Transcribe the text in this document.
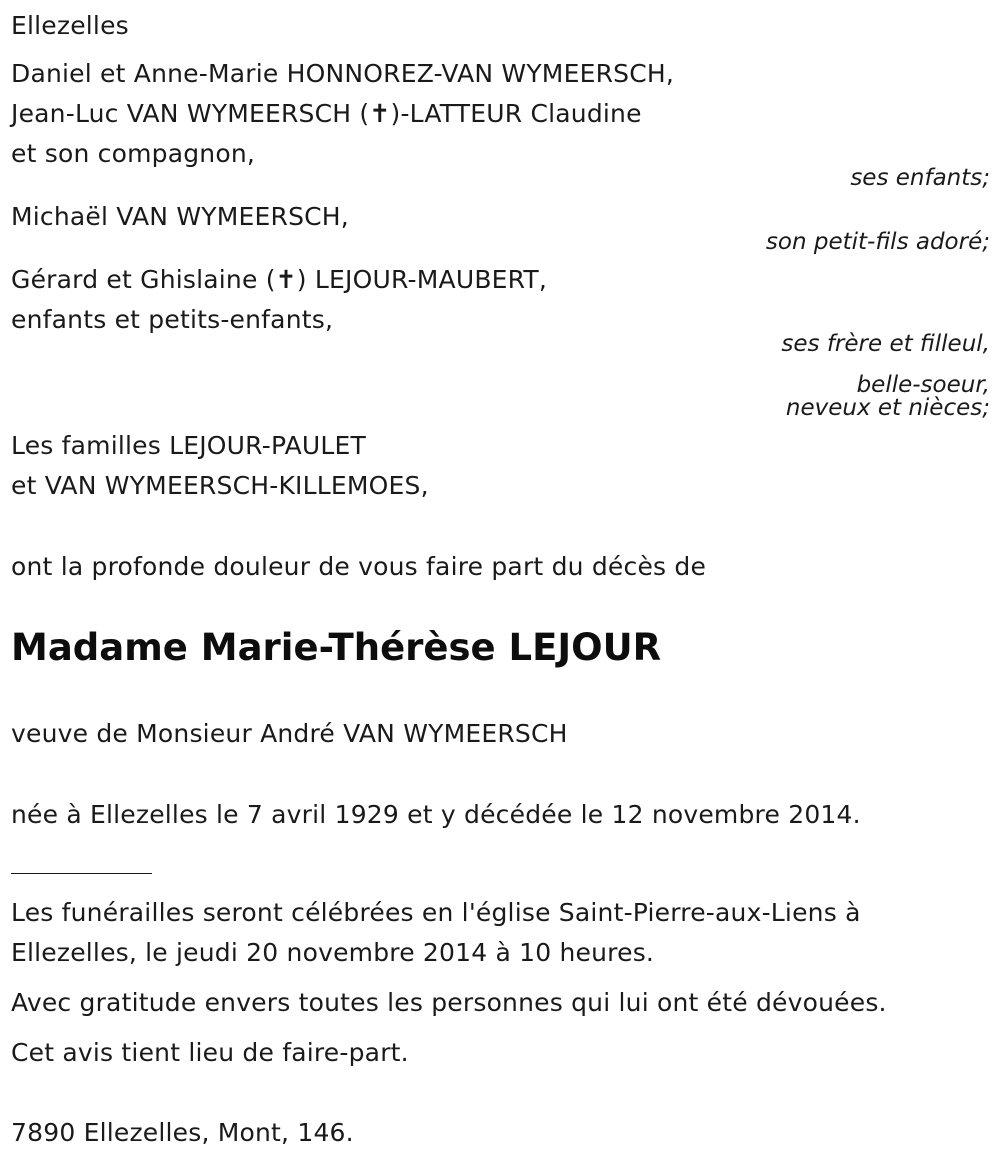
Ellezelles
Daniel et Anne-Marie HONNOREZ-VAN WYMEERSCH,
Jean-Luc VAN WYMEERSCH (✝)-LATTEUR Claudine
et son compagnon,
ses enfants;
Michaël VAN WYMEERSCH,
son petit-fils adoré;
Gérard et Ghislaine (✝) LEJOUR-MAUBERT,
enfants et petits-enfants,
ses frère et filleul,
belle-soeur,
neveux et nièces;
Les familles LEJOUR-PAULET
et VAN WYMEERSCH-KILLEMOES,
ont la profonde douleur de vous faire part du décès de
Madame Marie-Thérèse LEJOUR
veuve de Monsieur André VAN WYMEERSCH
née à Ellezelles le 7 avril 1929 et y décédée le 12 novembre 2014.
Les funérailles seront célébrées en l'église Saint-Pierre-aux-Liens à
Ellezelles, le jeudi 20 novembre 2014 à 10 heures.
Avec gratitude envers toutes les personnes qui lui ont été dévouées.
Cet avis tient lieu de faire-part.
7890 Ellezelles, Mont, 146.
